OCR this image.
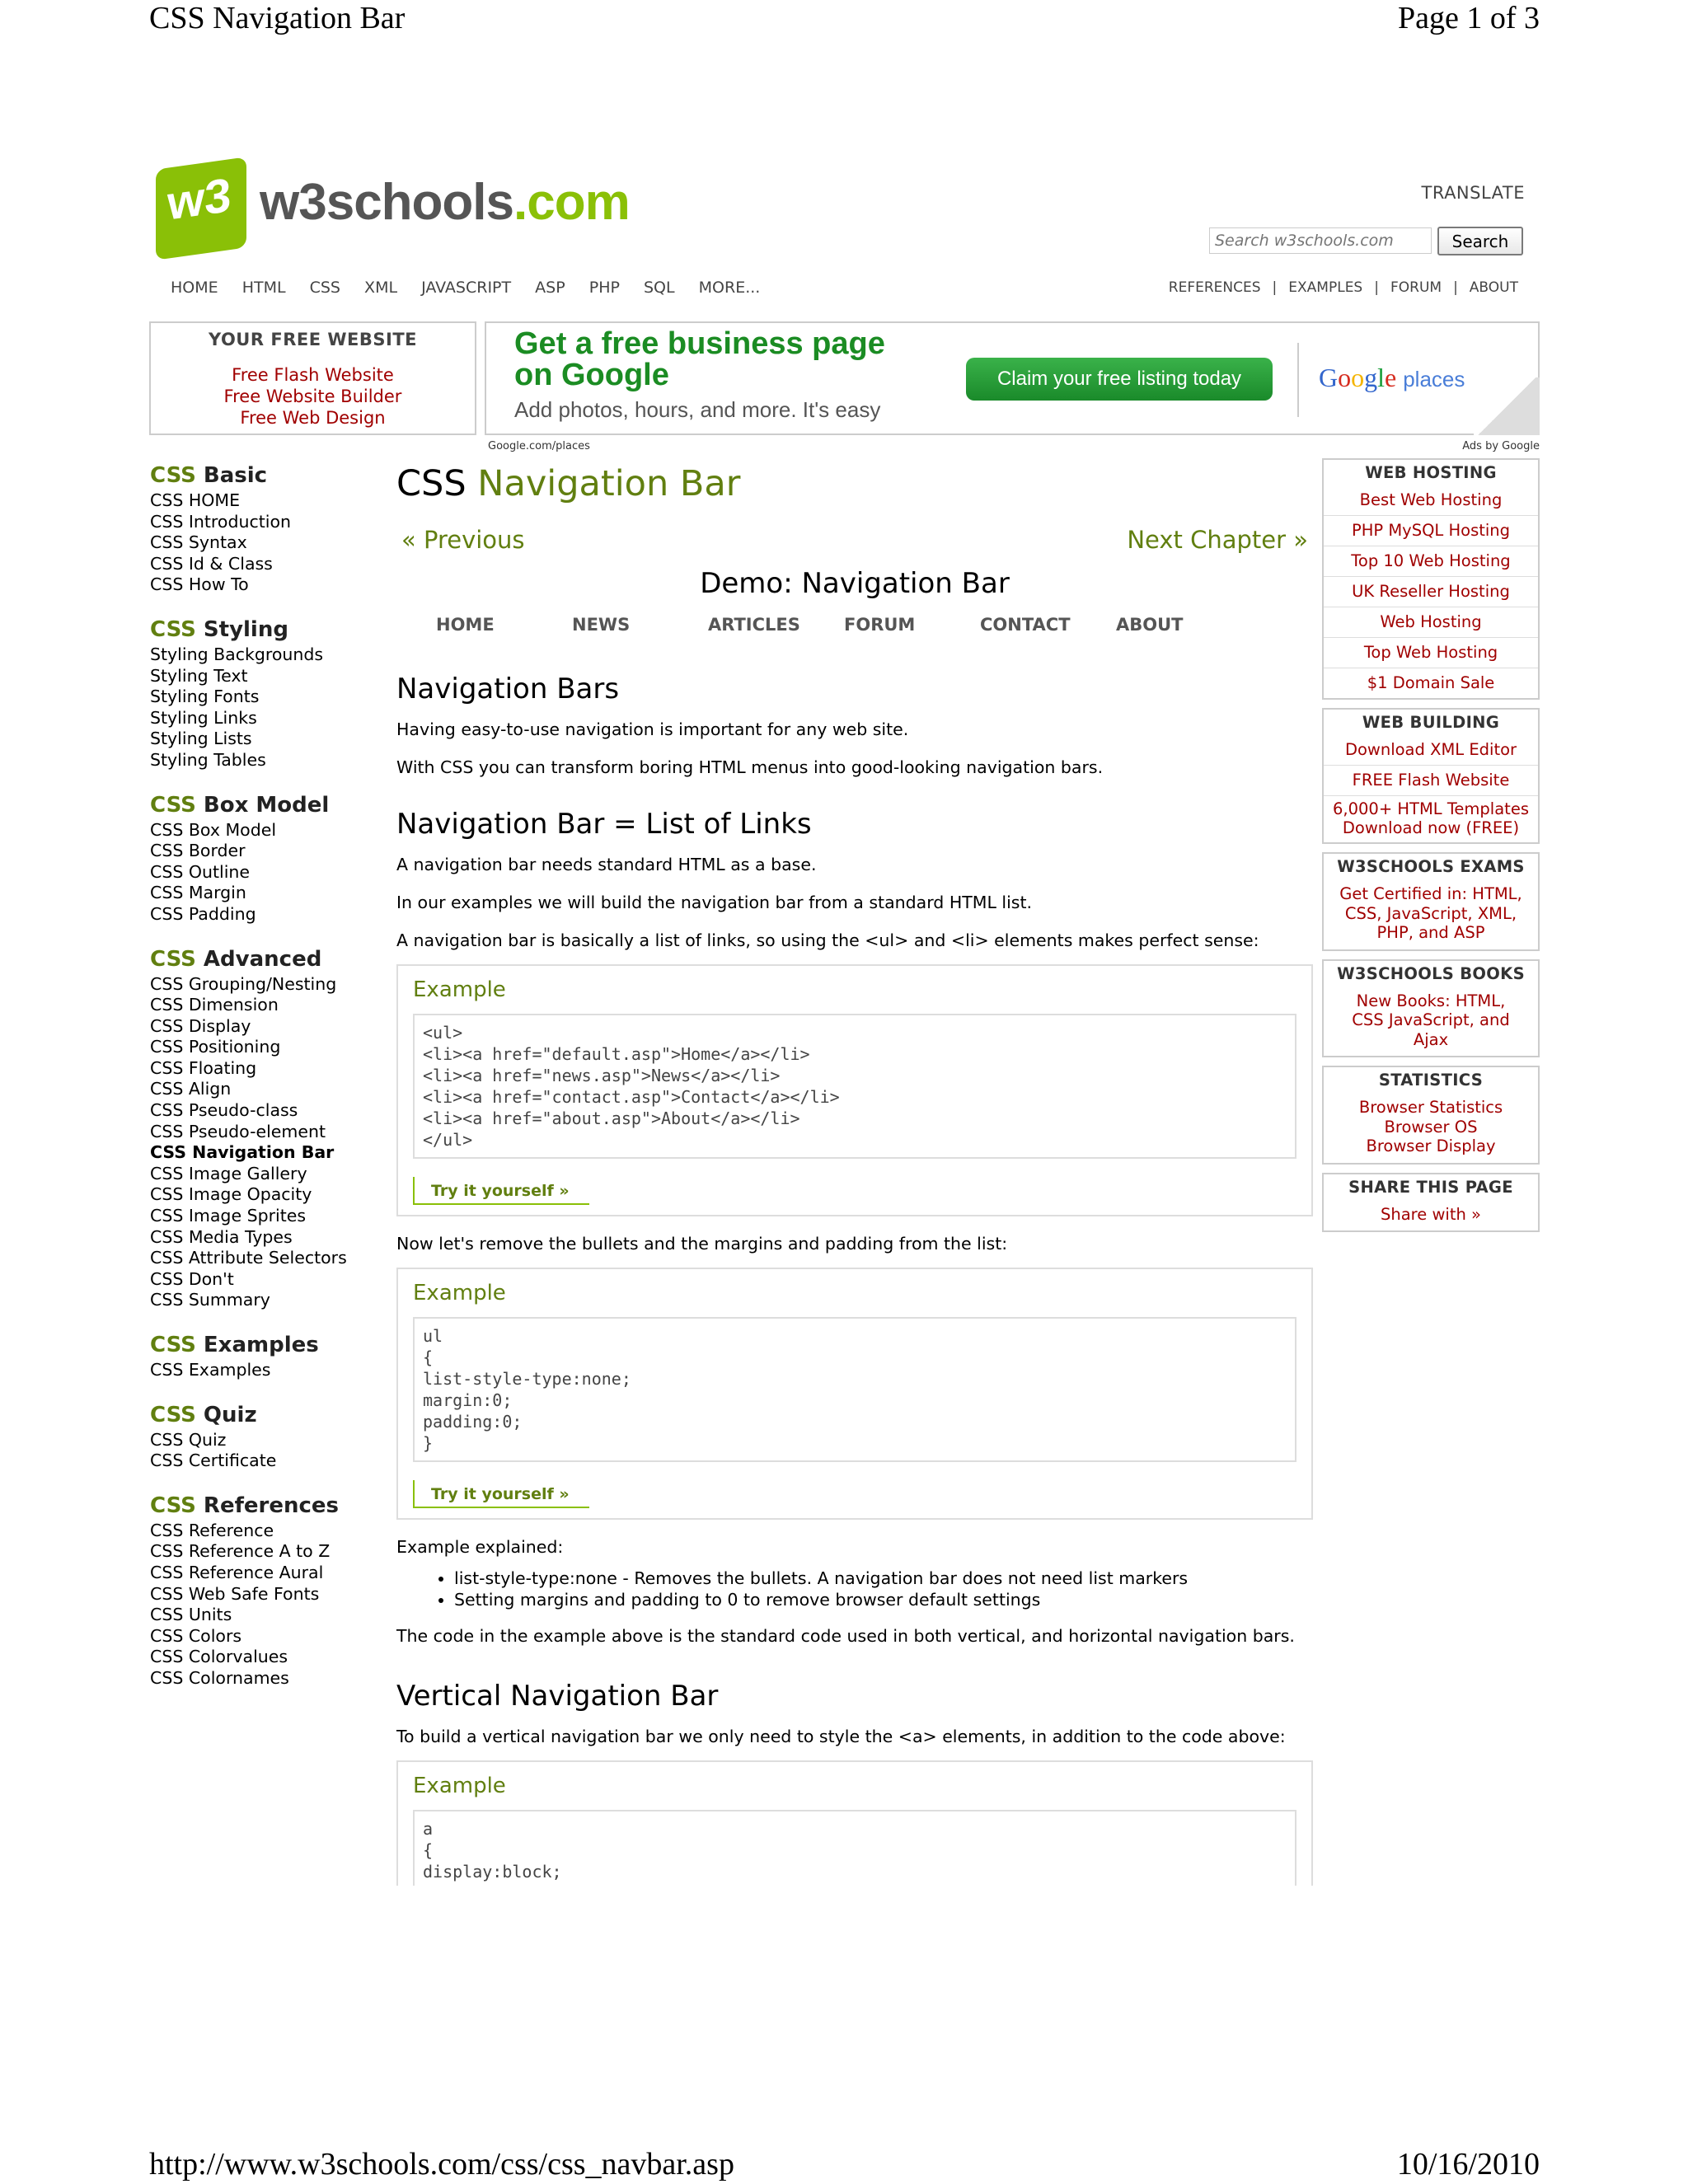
CSS Navigation Bar	Page 1 of 3
w3 w3schools.com	TRANSLATE
Search w3schools.com
Search
HOME HTML CSS XML JAVASCRIPT ASP PHP SQL MORE...	REFERENCES | EXAMPLES | FORUM | ABOUT
YOUR FREE WEBSITE
Free Flash Website
Free Website Builder
Free Web Design
Get a free business page
on Google
Add photos, hours, and more. It's easy
Claim your free listing today	Google places
Google.com/places	Ads by Google
CSS Basic
CSS HOME
CSS Introduction
CSS Syntax
CSS Id & Class
CSS How To
CSS Styling
Styling Backgrounds
Styling Text
Styling Fonts
Styling Links
Styling Lists
Styling Tables
CSS Box Model
CSS Box Model
CSS Border
CSS Outline
CSS Margin
CSS Padding
CSS Advanced
CSS Grouping/Nesting
CSS Dimension
CSS Display
CSS Positioning
CSS Floating
CSS Align
CSS Pseudo-class
CSS Pseudo-element
CSS Navigation Bar
CSS Image Gallery
CSS Image Opacity
CSS Image Sprites
CSS Media Types
CSS Attribute Selectors
CSS Don't
CSS Summary
CSS Examples
CSS Examples
CSS Quiz
CSS Quiz
CSS Certificate
CSS References
CSS Reference
CSS Reference A to Z
CSS Reference Aural
CSS Web Safe Fonts
CSS Units
CSS Colors
CSS Colorvalues
CSS Colornames
CSS Navigation Bar
« Previous	Next Chapter »
Demo: Navigation Bar
HOME	NEWS	ARTICLES	FORUM	CONTACT	ABOUT
Navigation Bars

Having easy-to-use navigation is important for any web site.

With CSS you can transform boring HTML menus into good-looking navigation bars.

Navigation Bar = List of Links

A navigation bar needs standard HTML as a base.

In our examples we will build the navigation bar from a standard HTML list.

A navigation bar is basically a list of links, so using the <ul> and <li> elements makes perfect sense:

Example
<ul>
<li><a href="default.asp">Home</a></li>
<li><a href="news.asp">News</a></li>
<li><a href="contact.asp">Contact</a></li>
<li><a href="about.asp">About</a></li>
</ul>
Try it yourself »

Now let's remove the bullets and the margins and padding from the list:

Example
ul
{
list-style-type:none;
margin:0;
padding:0;
}
Try it yourself »

Example explained:

• list-style-type:none - Removes the bullets. A navigation bar does not need list markers
• Setting margins and padding to 0 to remove browser default settings

The code in the example above is the standard code used in both vertical, and horizontal navigation bars.

Vertical Navigation Bar

To build a vertical navigation bar we only need to style the <a> elements, in addition to the code above:

Example
a
{
display:block;
WEB HOSTING
Best Web Hosting
PHP MySQL Hosting
Top 10 Web Hosting
UK Reseller Hosting
Web Hosting
Top Web Hosting
$1 Domain Sale
WEB BUILDING
Download XML Editor
FREE Flash Website
6,000+ HTML Templates Download now (FREE)
W3SCHOOLS EXAMS
Get Certified in: HTML, CSS, JavaScript, XML, PHP, and ASP
W3SCHOOLS BOOKS
New Books: HTML, CSS JavaScript, and Ajax
STATISTICS
Browser Statistics
Browser OS
Browser Display
SHARE THIS PAGE
Share with »
http://www.w3schools.com/css/css_navbar.asp	10/16/2010
